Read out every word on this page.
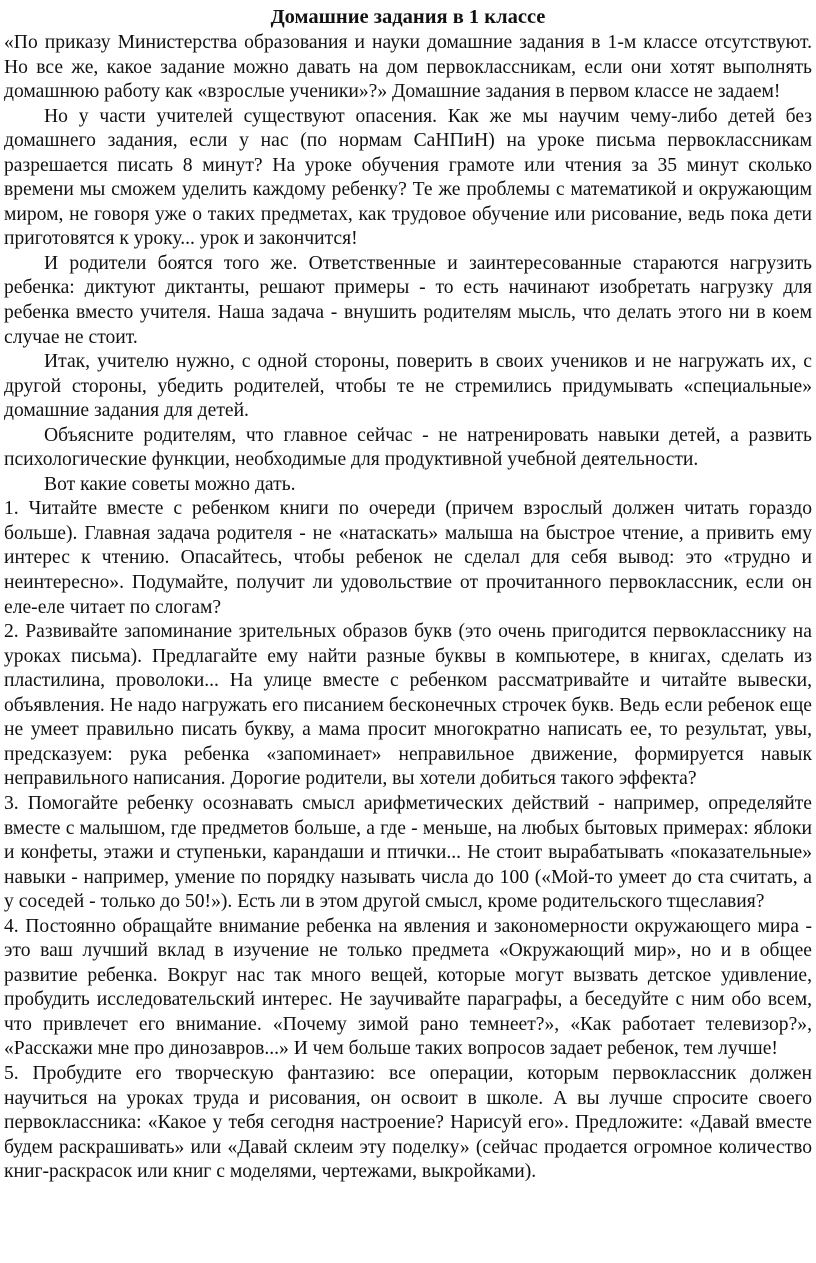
Домашние задания в 1 классе

«По приказу Министерства образования и науки домашние задания в 1-м классе отсутствуют. Но все же, какое задание можно давать на дом первоклассникам, если они хотят выполнять домашнюю работу как «взрослые ученики»?» Домашние задания в первом классе не задаем!

Но у части учителей существуют опасения. Как же мы научим чему-либо детей без домашнего задания, если у нас (по нормам СаНПиН) на уроке письма первоклассникам разрешается писать 8 минут? На уроке обучения грамоте или чтения за 35 минут сколько времени мы сможем уделить каждому ребенку? Те же проблемы с математикой и окружающим миром, не говоря уже о таких предметах, как трудовое обучение или рисование, ведь пока дети приготовятся к уроку... урок и закончится!

И родители боятся того же. Ответственные и заинтересованные стараются нагрузить ребенка: диктуют диктанты, решают примеры - то есть начинают изобретать нагрузку для ребенка вместо учителя. Наша задача - внушить родителям мысль, что делать этого ни в коем случае не стоит.

Итак, учителю нужно, с одной стороны, поверить в своих учеников и не нагружать их, с другой стороны, убедить родителей, чтобы те не стремились придумывать «специальные» домашние задания для детей.

Объясните родителям, что главное сейчас - не натренировать навыки детей, а развить психологические функции, необходимые для продуктивной учебной деятельности.

Вот какие советы можно дать.

1. Читайте вместе с ребенком книги по очереди (причем взрослый должен читать гораздо больше). Главная задача родителя - не «натаскать» малыша на быстрое чтение, а привить ему интерес к чтению. Опасайтесь, чтобы ребенок не сделал для себя вывод: это «трудно и неинтересно». Подумайте, получит ли удовольствие от прочитанного первоклассник, если он еле-еле читает по слогам?

2. Развивайте запоминание зрительных образов букв (это очень пригодится первокласснику на уроках письма). Предлагайте ему найти разные буквы в компьютере, в книгах, сделать из пластилина, проволоки... На улице вместе с ребенком рассматривайте и читайте вывески, объявления. Не надо нагружать его писанием бесконечных строчек букв. Ведь если ребенок еще не умеет правильно писать букву, а мама просит многократно написать ее, то результат, увы, предсказуем: рука ребенка «запоминает» неправильное движение, формируется навык неправильного написания. Дорогие родители, вы хотели добиться такого эффекта?

3. Помогайте ребенку осознавать смысл арифметических действий - например, определяйте вместе с малышом, где предметов больше, а где - меньше, на любых бытовых примерах: яблоки и конфеты, этажи и ступеньки, карандаши и птички... Не стоит вырабатывать «показательные» навыки - например, умение по порядку называть числа до 100 («Мой-то умеет до ста считать, а у соседей - только до 50!»). Есть ли в этом другой смысл, кроме родительского тщеславия?

4. Постоянно обращайте внимание ребенка на явления и закономерности окружающего мира - это ваш лучший вклад в изучение не только предмета «Окружающий мир», но и в общее развитие ребенка. Вокруг нас так много вещей, которые могут вызвать детское удивление, пробудить исследовательский интерес. Не заучивайте параграфы, а беседуйте с ним обо всем, что привлечет его внимание. «Почему зимой рано темнеет?», «Как работает телевизор?», «Расскажи мне про динозавров...» И чем больше таких вопросов задает ребенок, тем лучше!

5. Пробудите его творческую фантазию: все операции, которым первоклассник должен научиться на уроках труда и рисования, он освоит в школе. А вы лучше спросите своего первоклассника: «Какое у тебя сегодня настроение? Нарисуй его». Предложите: «Давай вместе будем раскрашивать» или «Давай склеим эту поделку» (сейчас продается огромное количество книг-раскрасок или книг с моделями, чертежами, выкройками).
